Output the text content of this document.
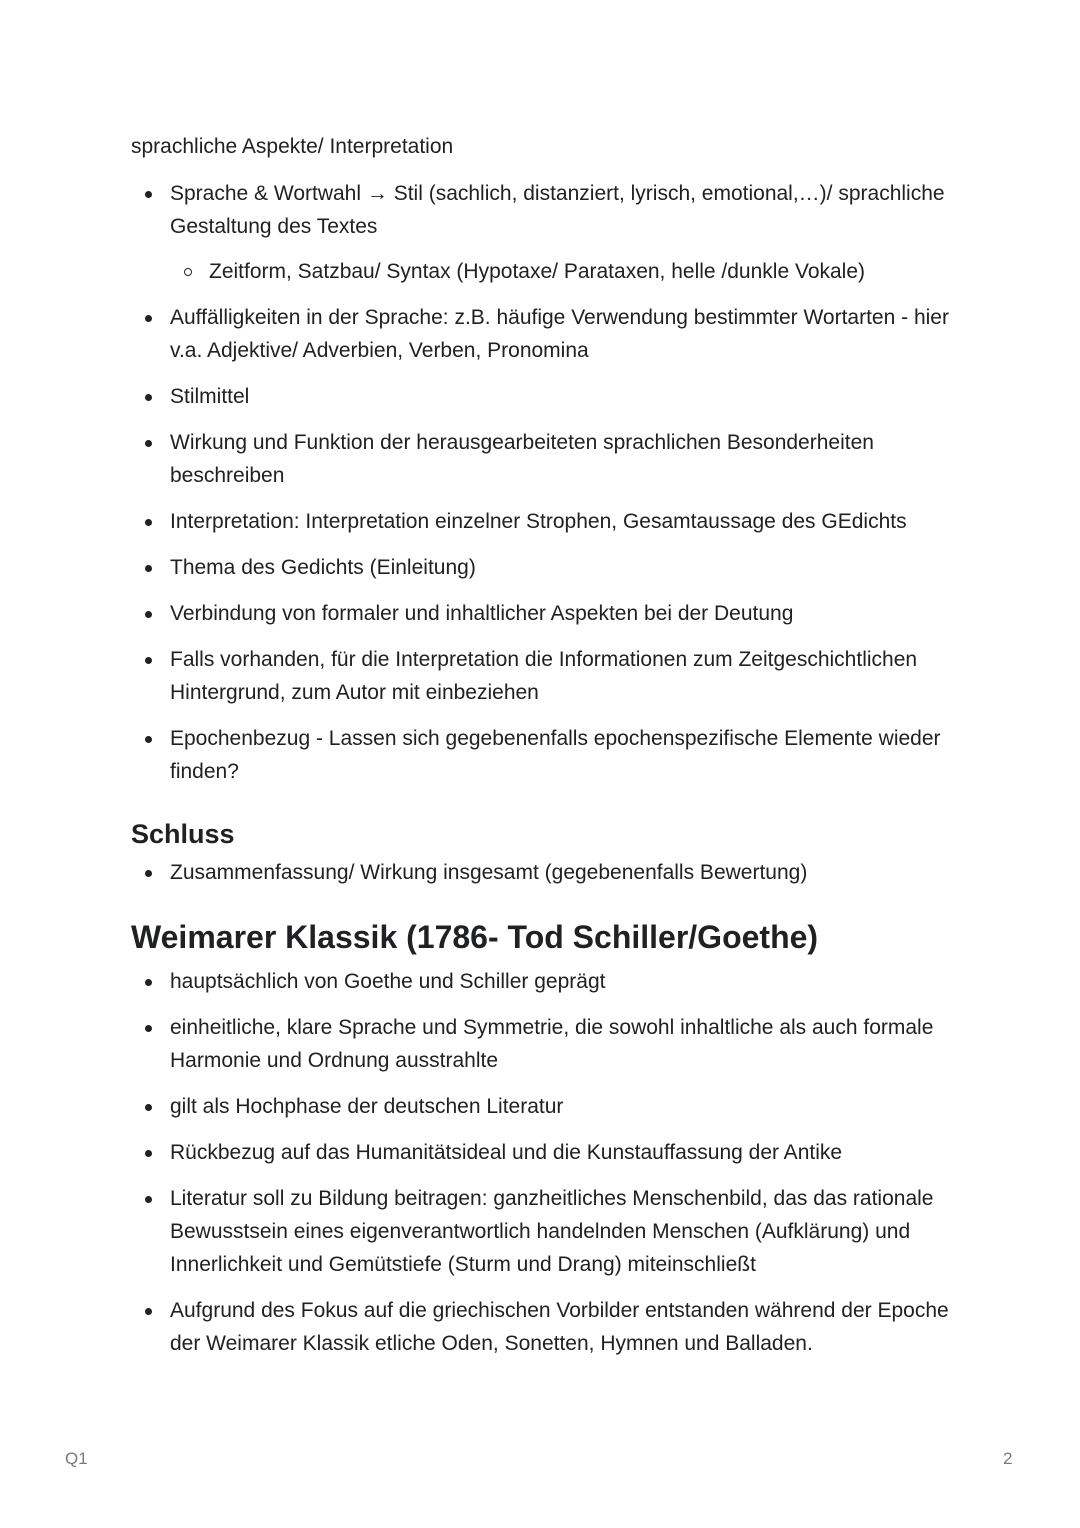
sprachliche Aspekte/ Interpretation
Sprache & Wortwahl → Stil (sachlich, distanziert, lyrisch, emotional,…)/ sprachliche Gestaltung des Textes
Zeitform, Satzbau/ Syntax (Hypotaxe/ Parataxen, helle /dunkle Vokale)
Auffälligkeiten in der Sprache: z.B. häufige Verwendung bestimmter Wortarten - hier v.a. Adjektive/ Adverbien, Verben, Pronomina
Stilmittel
Wirkung und Funktion der herausgearbeiteten sprachlichen Besonderheiten beschreiben
Interpretation: Interpretation einzelner Strophen, Gesamtaussage des GEdichts
Thema des Gedichts (Einleitung)
Verbindung von formaler und inhaltlicher Aspekten bei der Deutung
Falls vorhanden, für die Interpretation die Informationen zum Zeitgeschichtlichen Hintergrund, zum Autor mit einbeziehen
Epochenbezug - Lassen sich gegebenenfalls epochenspezifische Elemente wieder finden?
Schluss
Zusammenfassung/ Wirkung insgesamt (gegebenenfalls Bewertung)
Weimarer Klassik (1786- Tod Schiller/Goethe)
hauptsächlich von Goethe und Schiller geprägt
einheitliche, klare Sprache und Symmetrie, die sowohl inhaltliche als auch formale Harmonie und Ordnung ausstrahlte
gilt als Hochphase der deutschen Literatur
Rückbezug auf das Humanitätsideal und die Kunstauffassung der Antike
Literatur soll zu Bildung beitragen: ganzheitliches Menschenbild, das das rationale Bewusstsein eines eigenverantwortlich handelnden Menschen (Aufklärung) und Innerlichkeit und Gemütstiefe (Sturm und Drang) miteinschließt
Aufgrund des Fokus auf die griechischen Vorbilder entstanden während der Epoche der Weimarer Klassik etliche Oden, Sonetten, Hymnen und Balladen.
Q1	2
